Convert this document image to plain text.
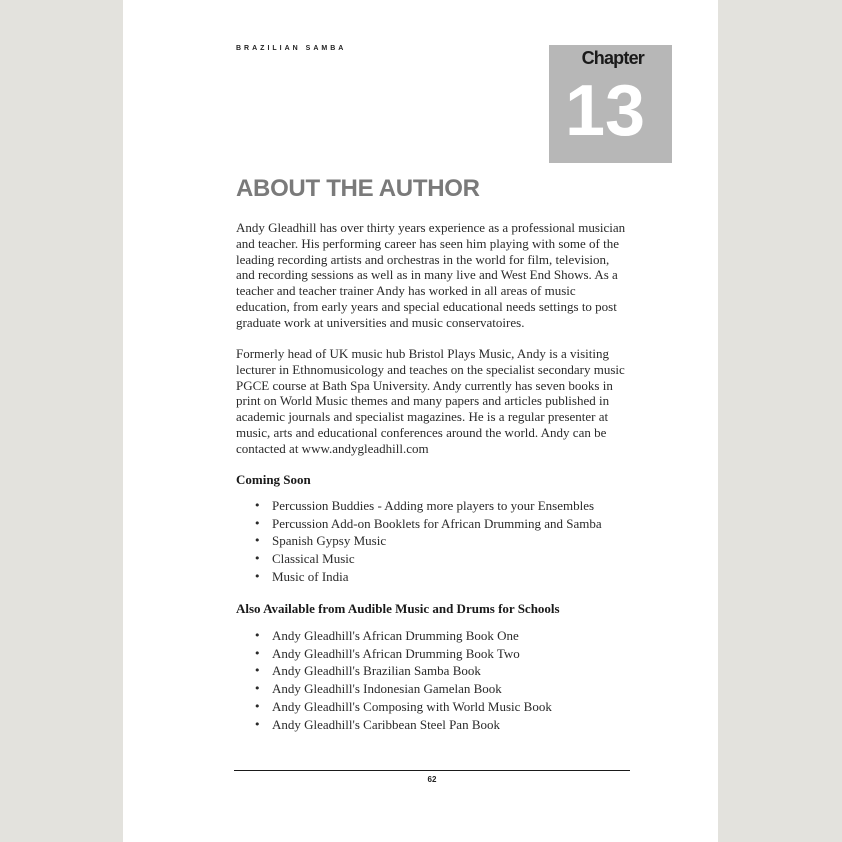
BRAZILIAN SAMBA	Chapter
13
ABOUT THE AUTHOR

Andy Gleadhill has over thirty years experience as a professional musician and teacher. His performing career has seen him playing with some of the leading recording artists and orchestras in the world for film, television, and recording sessions as well as in many live and West End Shows. As a teacher and teacher trainer Andy has worked in all areas of music education, from early years and special educational needs settings to post graduate work at universities and music conservatoires.

Formerly head of UK music hub Bristol Plays Music, Andy is a visiting lecturer in Ethnomusicology and teaches on the specialist secondary music PGCE course at Bath Spa University. Andy currently has seven books in print on World Music themes and many papers and articles published in academic journals and specialist magazines. He is a regular presenter at music, arts and educational conferences around the world. Andy can be contacted at www.andygleadhill.com

Coming Soon
• Percussion Buddies - Adding more players to your Ensembles
• Percussion Add-on Booklets for African Drumming and Samba
• Spanish Gypsy Music
• Classical Music
• Music of India
Also Available from Audible Music and Drums for Schools
• Andy Gleadhill's African Drumming Book One
• Andy Gleadhill's African Drumming Book Two
• Andy Gleadhill's Brazilian Samba Book
• Andy Gleadhill's Indonesian Gamelan Book
• Andy Gleadhill's Composing with World Music Book
• Andy Gleadhill's Caribbean Steel Pan Book
62
